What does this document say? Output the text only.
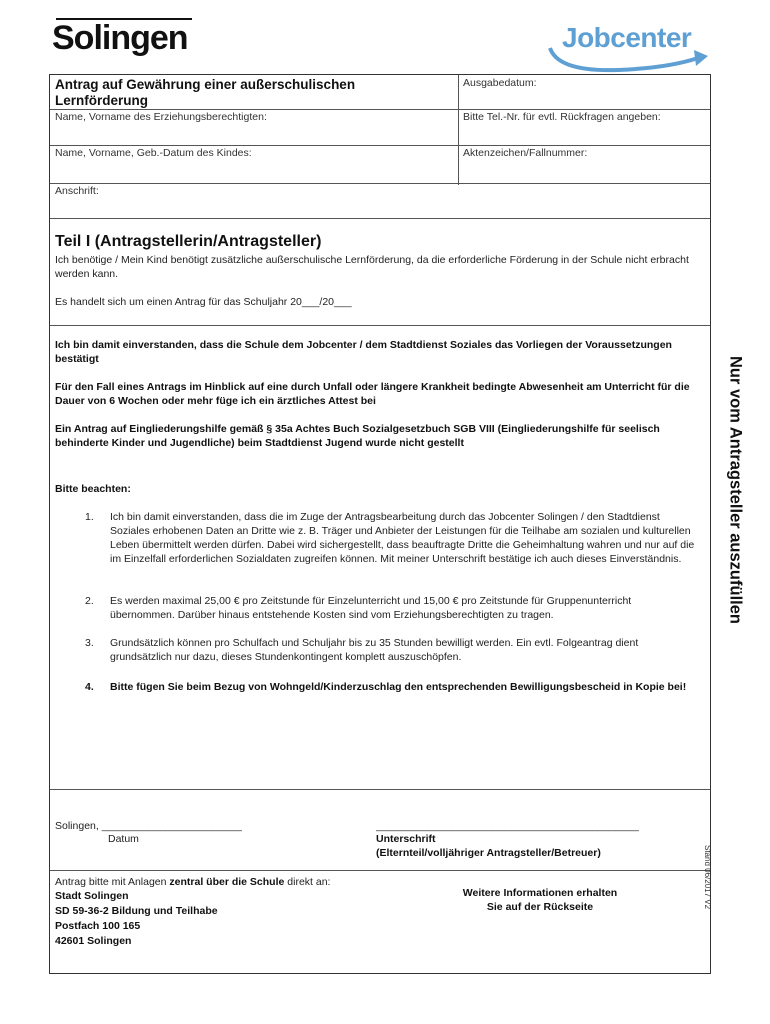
Solingen	Jobcenter
Antrag auf Gewährung einer außerschulischen Lernförderung
Ausgabedatum:
Name, Vorname des Erziehungsberechtigten:	Bitte Tel.-Nr. für evtl. Rückfragen angeben:
Name, Vorname, Geb.-Datum des Kindes:	Aktenzeichen/Fallnummer:
Anschrift:
Teil I (Antragstellerin/Antragsteller)
Ich benötige / Mein Kind benötigt zusätzliche außerschulische Lernförderung, da die erforderliche Förderung in der Schule nicht erbracht werden kann.
Es handelt sich um einen Antrag für das Schuljahr 20___/20___
Ich bin damit einverstanden, dass die Schule dem Jobcenter / dem Stadtdienst Soziales das Vorliegen der Voraussetzungen bestätigt
Für den Fall eines Antrags im Hinblick auf eine durch Unfall oder längere Krankheit bedingte Abwesenheit am Unterricht für die Dauer von 6 Wochen oder mehr füge ich ein ärztliches Attest bei
Ein Antrag auf Eingliederungshilfe gemäß § 35a Achtes Buch Sozialgesetzbuch SGB VIII (Eingliederungshilfe für seelisch behinderte Kinder und Jugendliche) beim Stadtdienst Jugend wurde nicht gestellt
Bitte beachten:
1.	Ich bin damit einverstanden, dass die im Zuge der Antragsbearbeitung durch das Jobcenter Solingen / den Stadtdienst Soziales erhobenen Daten an Dritte wie z. B. Träger und Anbieter der Leistungen für die Teilhabe am sozialen und kulturellen Leben übermittelt werden dürfen. Dabei wird sichergestellt, dass beauftragte Dritte die Geheimhaltung wahren und nur auf die im Einzelfall erforderlichen Sozialdaten zugreifen können. Mit meiner Unterschrift bestätige ich auch dieses Einverständnis.
2.	Es werden maximal 25,00 € pro Zeitstunde für Einzelunterricht und 15,00 € pro Zeitstunde für Gruppenunterricht übernommen. Darüber hinaus entstehende Kosten sind vom Erziehungsberechtigten zu tragen.
3.	Grundsätzlich können pro Schulfach und Schuljahr bis zu 35 Stunden bewilligt werden. Ein evtl. Folgeantrag dient grundsätzlich nur dazu, dieses Stundenkontingent komplett auszuschöpfen.
4.	Bitte fügen Sie beim Bezug von Wohngeld/Kinderzuschlag den entsprechenden Bewilligungsbescheid in Kopie bei!
Solingen, ________________________
Datum
_____________________________________________
Unterschrift
(Elternteil/volljähriger Antragsteller/Betreuer)
Antrag bitte mit Anlagen zentral über die Schule direkt an:
Stadt Solingen
SD 59-36-2 Bildung und Teilhabe
Postfach 100 165
42601 Solingen
Weitere Informationen erhalten
Sie auf der Rückseite
Nur vom Antragsteller auszufüllen
Stand 06/2017 V2
